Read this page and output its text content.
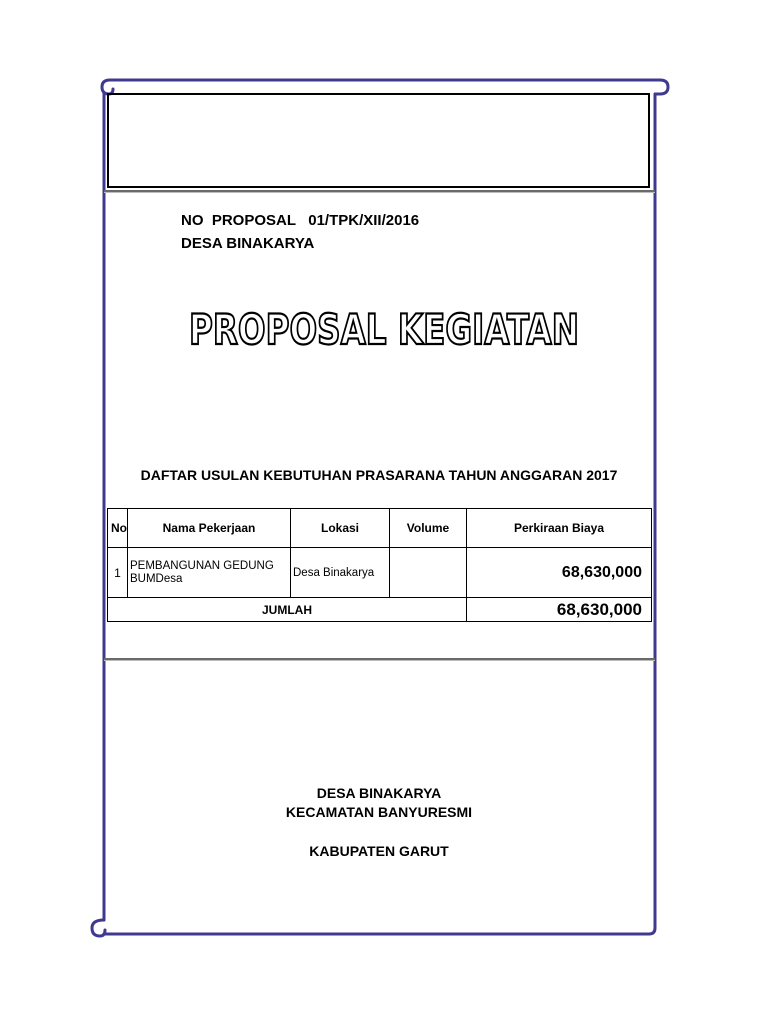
NO  PROPOSAL   01/TPK/XII/2016
DESA BINAKARYA
PROPOSAL KEGIATAN
DAFTAR USULAN KEBUTUHAN PRASARANA TAHUN ANGGARAN 2017
No	Nama Pekerjaan	Lokasi	Volume	Perkiraan Biaya
1	PEMBANGUNAN GEDUNG BUMDesa	Desa Binakarya		68,630,000
JUMLAH				68,630,000
DESA BINAKARYA
KECAMATAN BANYURESMI
KABUPATEN GARUT
